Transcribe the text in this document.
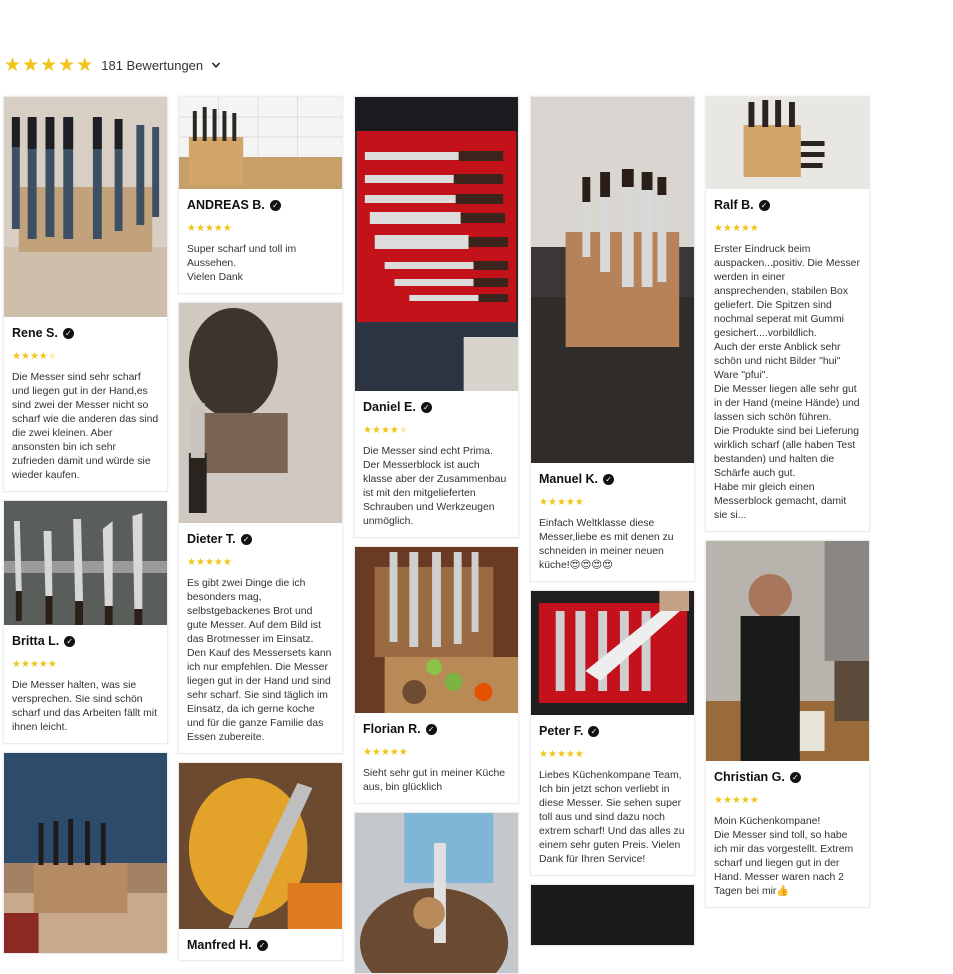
★ ★ ★ ★ ★ 181 Bewertungen
Rene S. ✓
★ ★ ★ ★ ★
Die Messer sind sehr scharf und liegen gut in der Hand,es sind zwei der Messer nicht so scharf wie die anderen das sind die zwei kleinen. Aber ansonsten bin ich sehr zufrieden damit und würde sie wieder kaufen.
Britta L. ✓
★ ★ ★ ★ ★
Die Messer halten, was sie versprechen. Sie sind schön scharf und das Arbeiten fällt mit ihnen leicht.
ANDREAS B. ✓
★ ★ ★ ★ ★
Super scharf und toll im Aussehen.
Vielen Dank
Dieter T. ✓
★ ★ ★ ★ ★
Es gibt zwei Dinge die ich besonders mag, selbstgebackenes Brot und gute Messer. Auf dem Bild ist das Brotmesser im Einsatz. Den Kauf des Messersets kann ich nur empfehlen. Die Messer liegen gut in der Hand und sind sehr scharf. Sie sind täglich im Einsatz, da ich gerne koche und für die ganze Familie das Essen zubereite.
Manfred H. ✓
Daniel E. ✓
★ ★ ★ ★ ★
Die Messer sind echt Prima. Der Messerblock ist auch klasse aber der Zusammenbau ist mit den mitgelieferten Schrauben und Werkzeugen unmöglich.
Florian R. ✓
★ ★ ★ ★ ★
Sieht sehr gut in meiner Küche aus, bin glücklich
Manuel K. ✓
★ ★ ★ ★ ★
Einfach Weltklasse diese Messer,liebe es mit denen zu schneiden in meiner neuen küche!😍😍😍😍
Peter F. ✓
★ ★ ★ ★ ★
Liebes Küchenkompane Team,
Ich bin jetzt schon verliebt in diese Messer. Sie sehen super toll aus und sind dazu noch extrem scharf! Und das alles zu einem sehr guten Preis. Vielen Dank für Ihren Service!
Ralf B. ✓
★ ★ ★ ★ ★
Erster Eindruck beim auspacken...positiv. Die Messer werden in einer ansprechenden, stabilen Box geliefert. Die Spitzen sind nochmal seperat mit Gummi gesichert....vorbildlich.
Auch der erste Anblick sehr schön und nicht Bilder "hui" Ware "pfui".
Die Messer liegen alle sehr gut in der Hand (meine Hände) und lassen sich schön führen.
Die Produkte sind bei Lieferung wirklich scharf (alle haben Test bestanden) und halten die Schärfe auch gut.
Habe mir gleich einen Messerblock gemacht, damit sie si...
Christian G. ✓
★ ★ ★ ★ ★
Moin Küchenkompane!
Die Messer sind toll, so habe ich mir das vorgestellt. Extrem scharf und liegen gut in der Hand. Messer waren nach 2 Tagen bei mir👍
